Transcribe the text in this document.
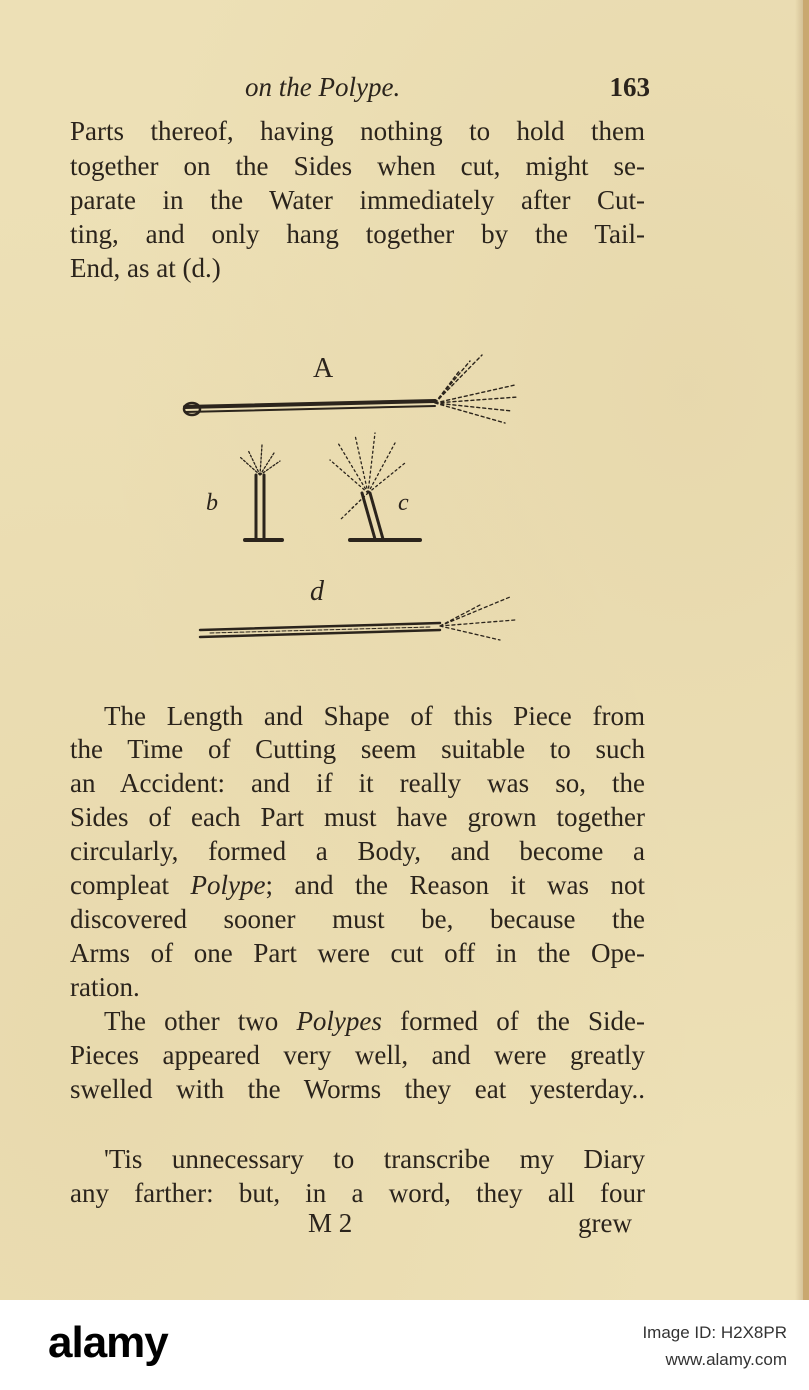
on the Polype.	163

Parts thereof, having nothing to hold them

together on the Sides when cut, might se-

parate in the Water immediately after Cut-

ting, and only hang together by the Tail-

End, as at (d.)

A
b	c
d

The Length and Shape of this Piece from

the Time of Cutting seem suitable to such

an Accident: and if it really was so, the

Sides of each Part must have grown together

circularly, formed a Body, and become a

compleat Polype; and the Reason it was not

discovered sooner must be, because the

Arms of one Part were cut off in the Ope-

ration.

The other two Polypes formed of the Side-

Pieces appeared very well, and were greatly

swelled with the Worms they eat yesterday..

'Tis unnecessary to transcribe my Diary

any farther: but, in a word, they all four

M 2	grew
alamy	Image ID: H2X8PR
www.alamy.com
